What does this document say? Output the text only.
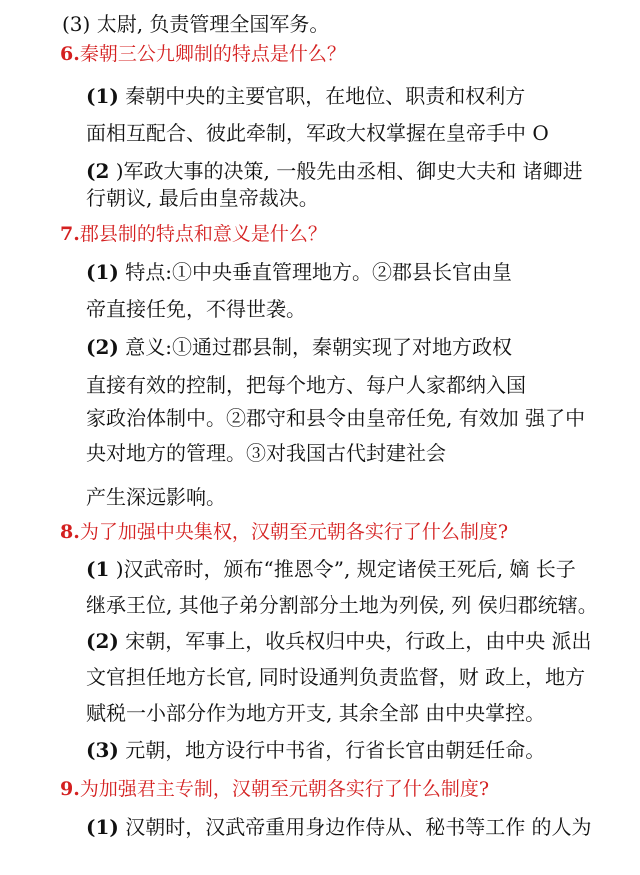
(3) 太尉, 负责管理全国军务。
6.秦朝三公九卿制的特点是什么？
(1) 秦朝中央的主要官职，在地位、职责和权利方
面相互配合、彼此牵制，军政大权掌握在皇帝手中 O
(2 )军政大事的决策, 一般先由丞相、御史大夫和 诸卿进
行朝议, 最后由皇帝裁决。
7.郡县制的特点和意义是什么？
(1) 特点:①中央垂直管理地方。②郡县长官由皇
帝直接任免，不得世袭。
(2) 意义:①通过郡县制，秦朝实现了对地方政权
直接有效的控制，把每个地方、每户人家都纳入国
家政治体制中。②郡守和县令由皇帝任免, 有效加 强了中
央对地方的管理。③对我国古代封建社会
产生深远影响。
8.为了加强中央集权，汉朝至元朝各实行了什么制度?
(1 )汉武帝时，颁布“推恩令”, 规定诸侯王死后, 嫡 长子
继承王位, 其他子弟分割部分土地为列侯, 列 侯归郡统辖。
(2) 宋朝，军事上，收兵权归中央，行政上，由中央 派出
文官担任地方长官, 同时设通判负责监督，财 政上，地方
赋税一小部分作为地方开支, 其余全部 由中央掌控。
(3) 元朝，地方设行中书省，行省长官由朝廷任命。
9.为加强君主专制，汉朝至元朝各实行了什么制度?
(1) 汉朝时，汉武帝重用身边作侍从、秘书等工作 的人为
